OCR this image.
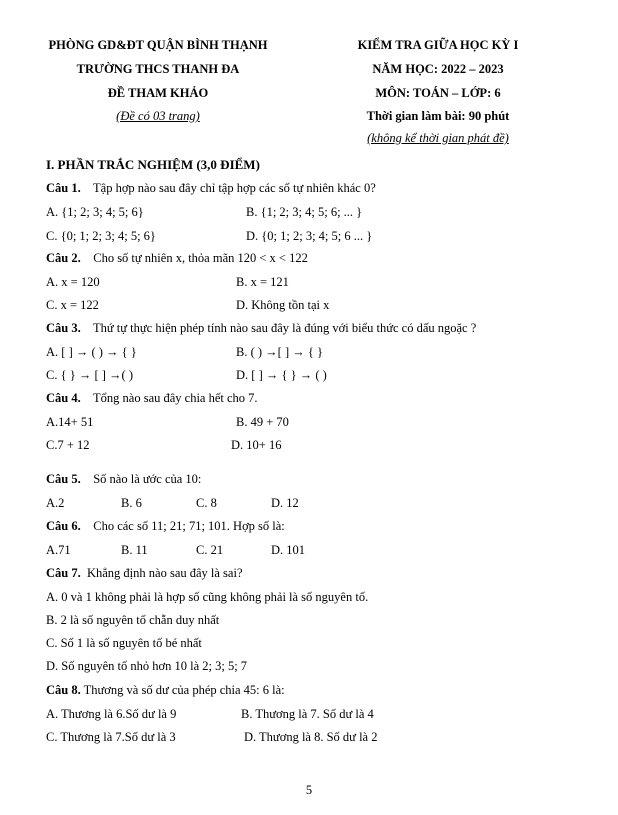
PHÒNG GD&ĐT QUẬN BÌNH THẠNH
TRƯỜNG THCS THANH ĐA
ĐỀ THAM KHẢO
(Đề có 03 trang)
KIỂM TRA GIỮA HỌC KỲ I
NĂM HỌC: 2022 – 2023
MÔN: TOÁN – LỚP: 6
Thời gian làm bài: 90 phút
(không kể thời gian phát đề)
I. PHẦN TRẮC NGHIỆM (3,0 ĐIỂM)
Câu 1. Tập hợp nào sau đây chỉ tập hợp các số tự nhiên khác 0?
A. {1; 2; 3; 4; 5; 6}	B. {1; 2; 3; 4; 5; 6; ... }
C. {0; 1; 2; 3; 4; 5; 6}	D. {0; 1; 2; 3; 4; 5; 6 ... }
Câu 2. Cho số tự nhiên x, thỏa mãn 120 < x < 122
A. x = 120	B. x = 121
C. x = 122	D. Không tồn tại x
Câu 3. Thứ tự thực hiện phép tính nào sau đây là đúng với biểu thức có dấu ngoặc ?
A. [ ] → ( ) → { }	B. ( ) →[ ] → { }
C. { } → [ ] →( )	D. [ ] → { } → ( )
Câu 4. Tổng nào sau đây chia hết cho 7.
A.14+ 51	B. 49 + 70
C.7 + 12	D. 10+ 16
Câu 5. Số nào là ước của 10:
A.2	B. 6	C. 8	D. 12
Câu 6. Cho các số 11; 21; 71; 101. Hợp số là:
A.71	B. 11	C. 21	D. 101
Câu 7. Khẳng định nào sau đây là sai?
A. 0 và 1 không phải là hợp số cũng không phải là số nguyên tố.
B. 2 là số nguyên tố chẵn duy nhất
C. Số 1 là số nguyên tố bé nhất
D. Số nguyên tố nhỏ hơn 10 là 2; 3; 5; 7
Câu 8. Thương và số dư của phép chia 45: 6 là:
A. Thương là 6.Số dư là 9	B. Thương là 7. Số dư là 4
C. Thương là 7.Số dư là 3	D. Thương là 8. Số dư là 2
5
